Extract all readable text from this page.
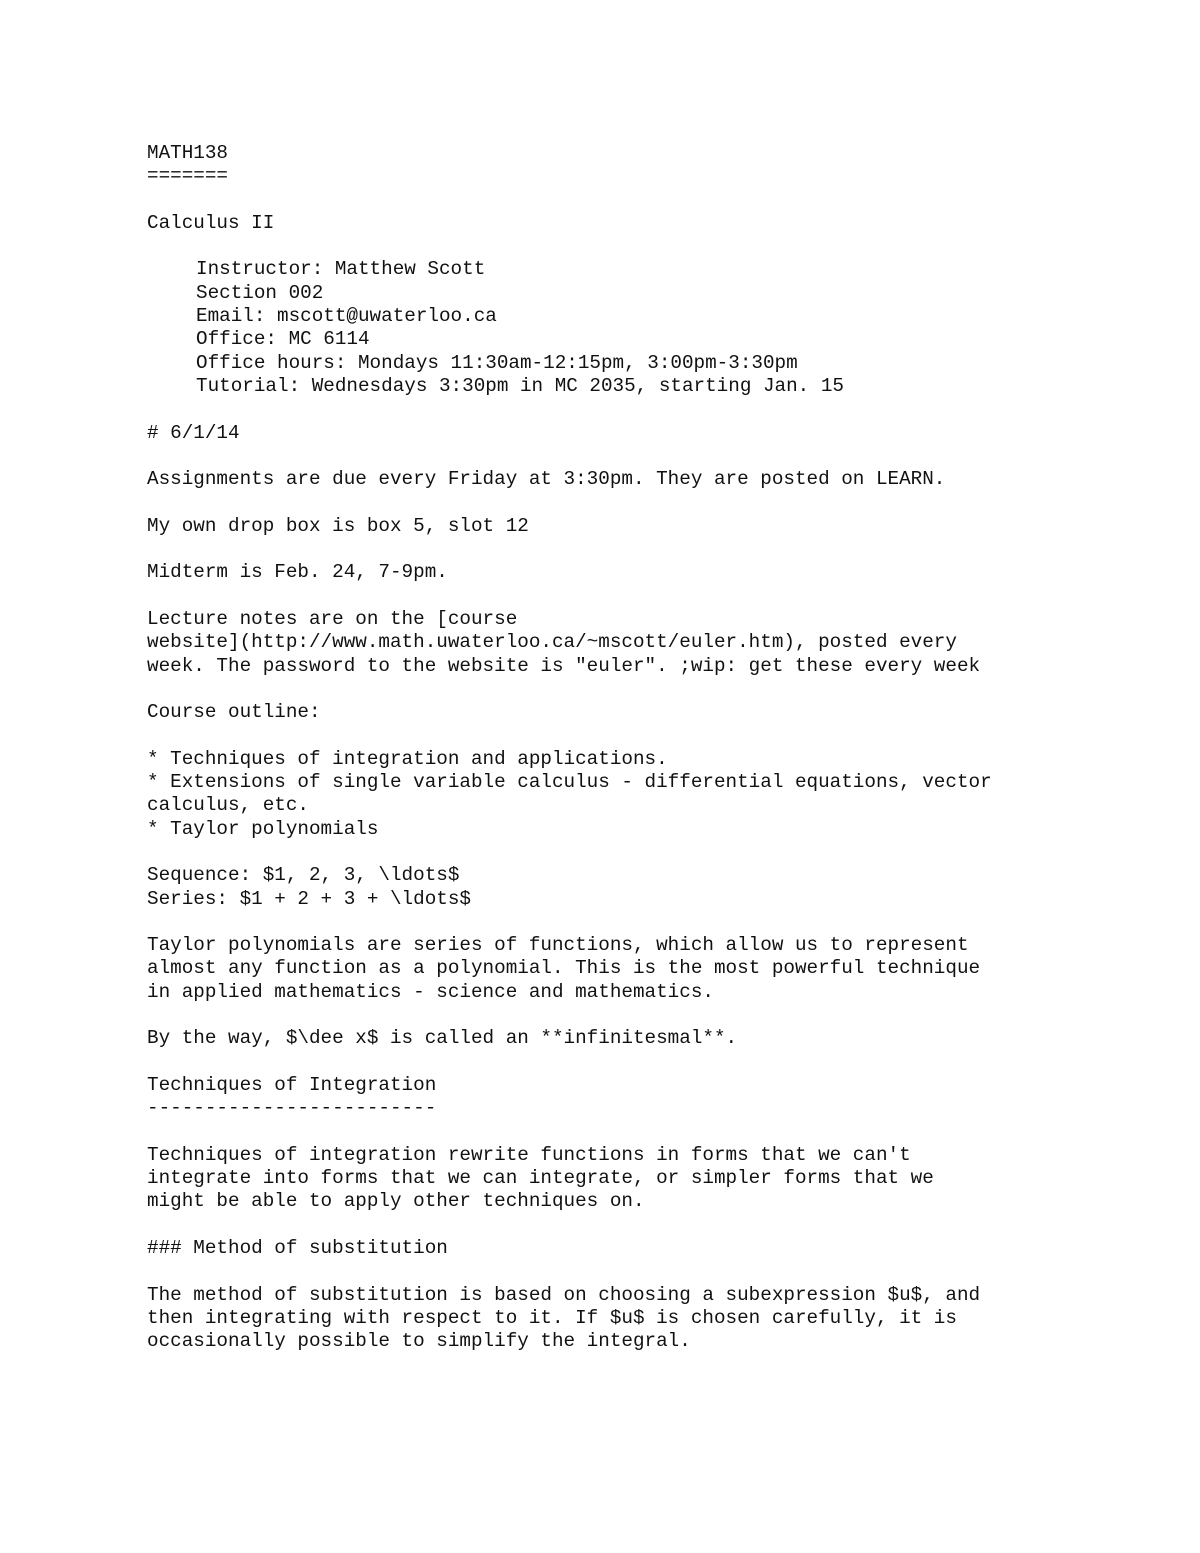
MATH138
=======
Calculus II
Instructor: Matthew Scott
Section 002
Email: mscott@uwaterloo.ca
Office: MC 6114
Office hours: Mondays 11:30am-12:15pm, 3:00pm-3:30pm
Tutorial: Wednesdays 3:30pm in MC 2035, starting Jan. 15
# 6/1/14
Assignments are due every Friday at 3:30pm. They are posted on LEARN.
My own drop box is box 5, slot 12
Midterm is Feb. 24, 7-9pm.
Lecture notes are on the [course
website](http://www.math.uwaterloo.ca/~mscott/euler.htm), posted every
week. The password to the website is "euler". ;wip: get these every week
Course outline:
* Techniques of integration and applications.
* Extensions of single variable calculus - differential equations, vector
calculus, etc.
* Taylor polynomials
Sequence: $1, 2, 3, \ldots$
Series: $1 + 2 + 3 + \ldots$
Taylor polynomials are series of functions, which allow us to represent
almost any function as a polynomial. This is the most powerful technique
in applied mathematics - science and mathematics.
By the way, $\dee x$ is called an **infinitesmal**.
Techniques of Integration
-------------------------
Techniques of integration rewrite functions in forms that we can't
integrate into forms that we can integrate, or simpler forms that we
might be able to apply other techniques on.
### Method of substitution
The method of substitution is based on choosing a subexpression $u$, and
then integrating with respect to it. If $u$ is chosen carefully, it is
occasionally possible to simplify the integral.
